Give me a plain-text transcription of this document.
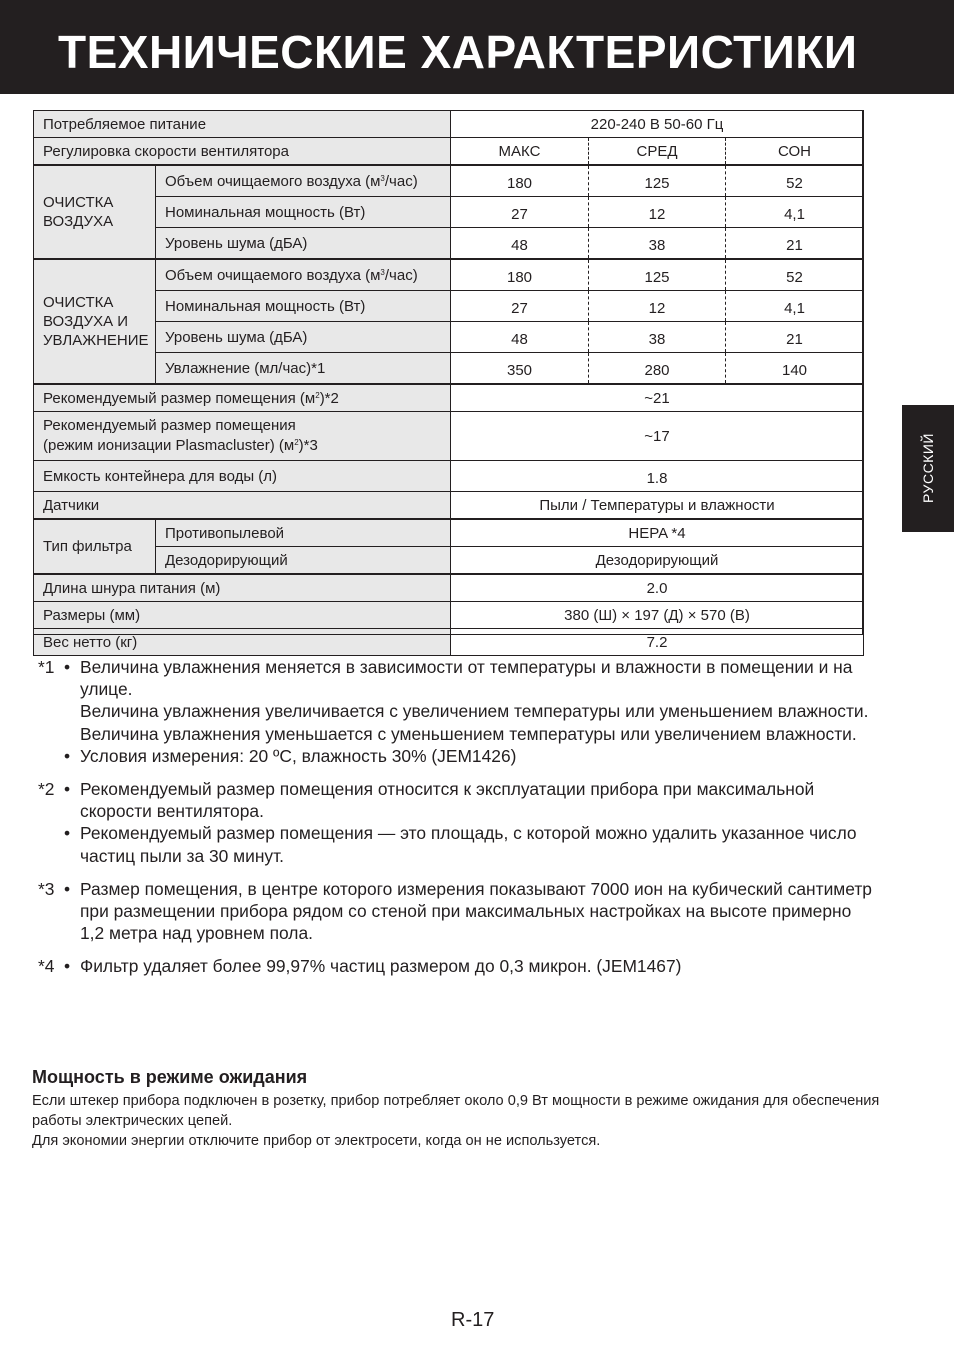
ТЕХНИЧЕСКИЕ ХАРАКТЕРИСТИКИ
РУССКИЙ
Потребляемое питание		220-240 В 50-60 Гц		
Регулировка скорости вентилятора		МАКС	СРЕД	СОН
ОЧИСТКА
ВОЗДУХА	Объем очищаемого воздуха $(м^3/час)$	180	125	52
	Номинальная мощность (Вт)	27	12	4,1
	Уровень шума (дБА)	48	38	21
ОЧИСТКА
ВОЗДУХА И
УВЛАЖНЕНИЕ	Объем очищаемого воздуха $(м^3/час)$	180	125	52
	Номинальная мощность (Вт)	27	12	4,1
	Уровень шума (дБА)	48	38	21
	Увлажнение (мл/час)*1	350	280	140
Рекомендуемый размер помещения $(м^2)*2$		~21		
Рекомендуемый размер помещения
(режим ионизации Plasmacluster) $(м^2)*3$		~17		
Емкость контейнера для воды (л)		1.8		
Датчики		Пыли / Температуры и влажности		
Тип фильтра	Противопылевой	HEPA *4		
	Дезодорирующий	Дезодорирующий		
Длина шнура питания (м)		2.0		
Размеры (мм)		380 (Ш) × 197 (Д) × 570 (В)		
Вес нетто (кг)		7.2		
*1 • Величина увлажнения меняется в зависимости от температуры и влажности в помещении и на улице.
Величина увлажнения увеличивается с увеличением температуры или уменьшением влажности.
Величина увлажнения уменьшается с уменьшением температуры или увеличением влажности.
• Условия измерения: 20 ºC, влажность 30% (JEM1426)
*2 • Рекомендуемый размер помещения относится к эксплуатации прибора при максимальной скорости вентилятора.
• Рекомендуемый размер помещения — это площадь, с которой можно удалить указанное число частиц пыли за 30 минут.
*3 • Размер помещения, в центре которого измерения показывают 7000 ион на кубический сантиметр при размещении прибора рядом со стеной при максимальных настройках на высоте примерно 1,2 метра над уровнем пола.
*4 • Фильтр удаляет более 99,97% частиц размером до 0,3 микрон. (JEM1467)
Мощность в режиме ожидания

Если штекер прибора подключен в розетку, прибор потребляет около 0,9 Вт мощности в режиме ожидания для обеспечения работы электрических цепей.

Для экономии энергии отключите прибор от электросети, когда он не используется.

R-17
